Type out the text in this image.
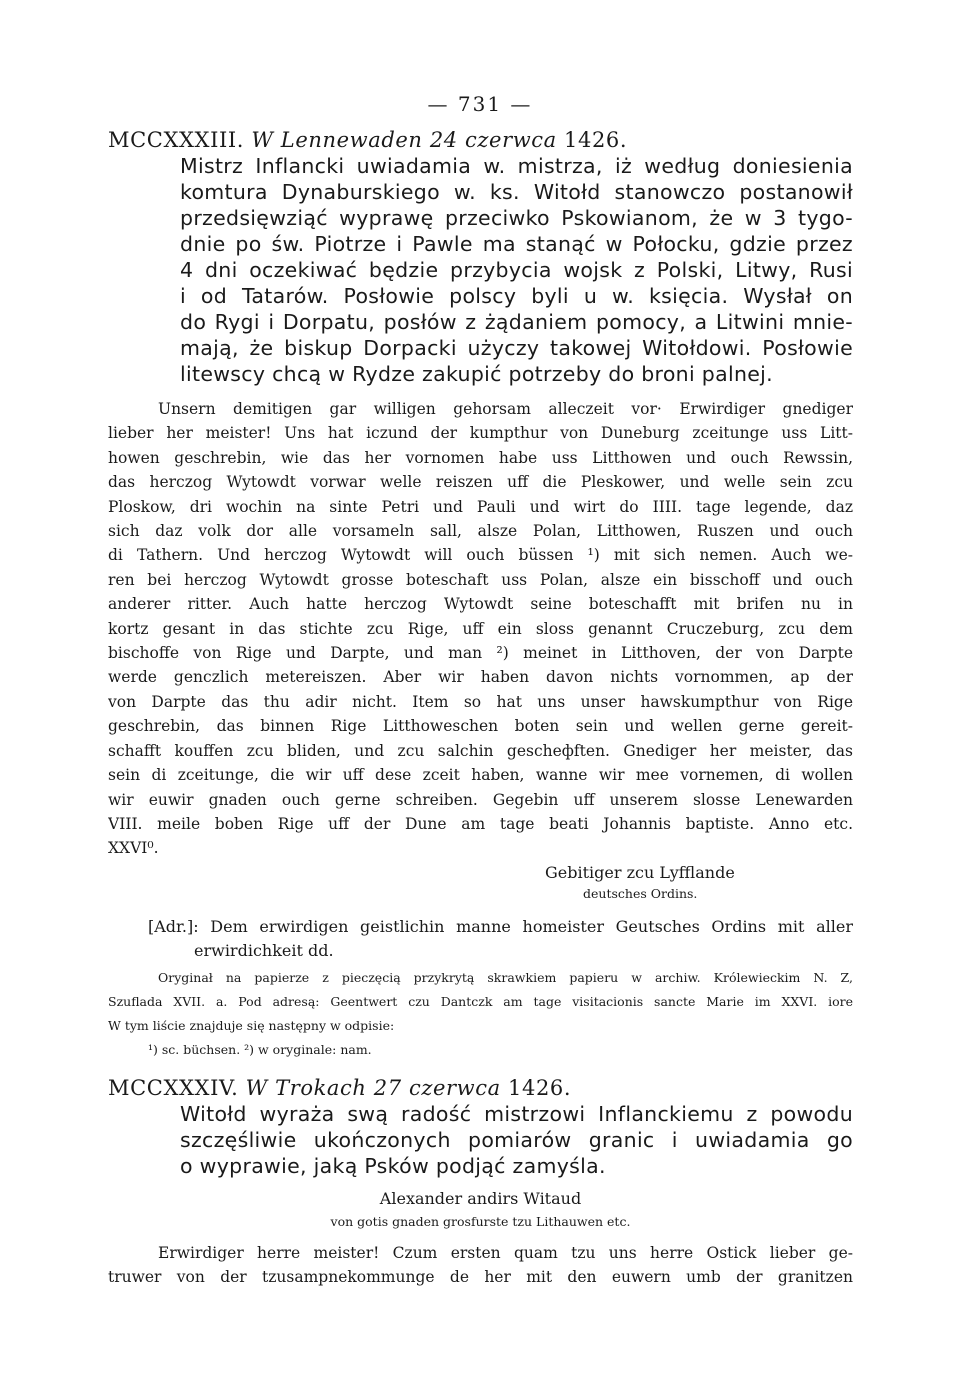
— 731 —
MCCXXXIII. W Lennewaden 24 czerwca 1426.
Mistrz Inflancki uwiadamia w. mistrza, iż według doniesienia
komtura Dynaburskiego w. ks. Witołd stanowczo postanowił
przedsięwziąć wyprawę przeciwko Pskowianom, że w 3 tygo-
dnie po św. Piotrze i Pawle ma stanąć w Połocku, gdzie przez
4 dni oczekiwać będzie przybycia wojsk z Polski, Litwy, Rusi
i od Tatarów. Posłowie polscy byli u w. księcia. Wysłał on
do Rygi i Dorpatu, posłów z żądaniem pomocy, a Litwini mnie-
mają, że biskup Dorpacki użyczy takowej Witołdowi. Posłowie
litewscy chcą w Rydze zakupić potrzeby do broni palnej.
Unsern demitigen gar willigen gehorsam alleczeit vor· Erwirdiger gnediger
lieber her meister! Uns hat iczund der kumpthur von Duneburg zceitunge uss Litt-
howen geschrebin, wie das her vornomen habe uss Litthowen und ouch Rewssin,
das herczog Wytowdt vorwar welle reiszen uff die Pleskower, und welle sein zcu
Ploskow, dri wochin na sinte Petri und Pauli und wirt do IIII. tage legende, daz
sich daz volk dor alle vorsameln sall, alsze Polan, Litthowen, Ruszen und ouch
di Tathern. Und herczog Wytowdt will ouch büssen ¹) mit sich nemen. Auch we-
ren bei herczog Wytowdt grosse boteschaft uss Polan, alsze ein bisschoff und ouch
anderer ritter. Auch hatte herczog Wytowdt seine boteschafft mit brifen nu in
kortz gesant in das stichte zcu Rige, uff ein sloss genannt Cruczeburg, zcu dem
bischoffe von Rige und Darpte, und man ²) meinet in Litthoven, der von Darpte
werde genczlich metereiszen. Aber wir haben davon nichts vornommen, ap der
von Darpte das thu adir nicht. Item so hat uns unser hawskumpthur von Rige
geschrebin, das binnen Rige Litthoweschen boten sein und wellen gerne gereit-
schafft kouffen zcu bliden, und zcu salchin gescheфften. Gnediger her meister, das
sein di zceitunge, die wir uff dese zceit haben, wanne wir mee vornemen, di wollen
wir euwir gnaden ouch gerne schreiben. Gegebin uff unserem slosse Lenewarden
VIII. meile boben Rige uff der Dune am tage beati Johannis baptiste. Anno etc.
XXVI⁰.
Gebitiger zcu Lyfflande
deutsches Ordins.
[Adr.]: Dem erwirdigen geistlichin manne homeister Geutsches Ordins mit aller
erwirdichkeit dd.
Oryginał na papierze z pieczęcią przykrytą skrawkiem papieru w archiw. Królewieckim N. Z,
Szuflada XVII. a. Pod adresą: Geentwert czu Dantczk am tage visitacionis sancte Marie im XXVI. iore
W tym liście znajduje się następny w odpisie:
¹) sc. büchsen. ²) w oryginale: nam.
MCCXXXIV. W Trokach 27 czerwca 1426.
Witołd wyraża swą radość mistrzowi Inflanckiemu z powodu
szczęśliwie ukończonych pomiarów granic i uwiadamia go
o wyprawie, jaką Psków podjąć zamyśla.
Alexander andirs Witaud
von gotis gnaden grosfurste tzu Lithauwen etc.
Erwirdiger herre meister! Czum ersten quam tzu uns herre Ostick lieber ge-
truwer von der tzusampnekommunge de her mit den euwern umb der granitzen
